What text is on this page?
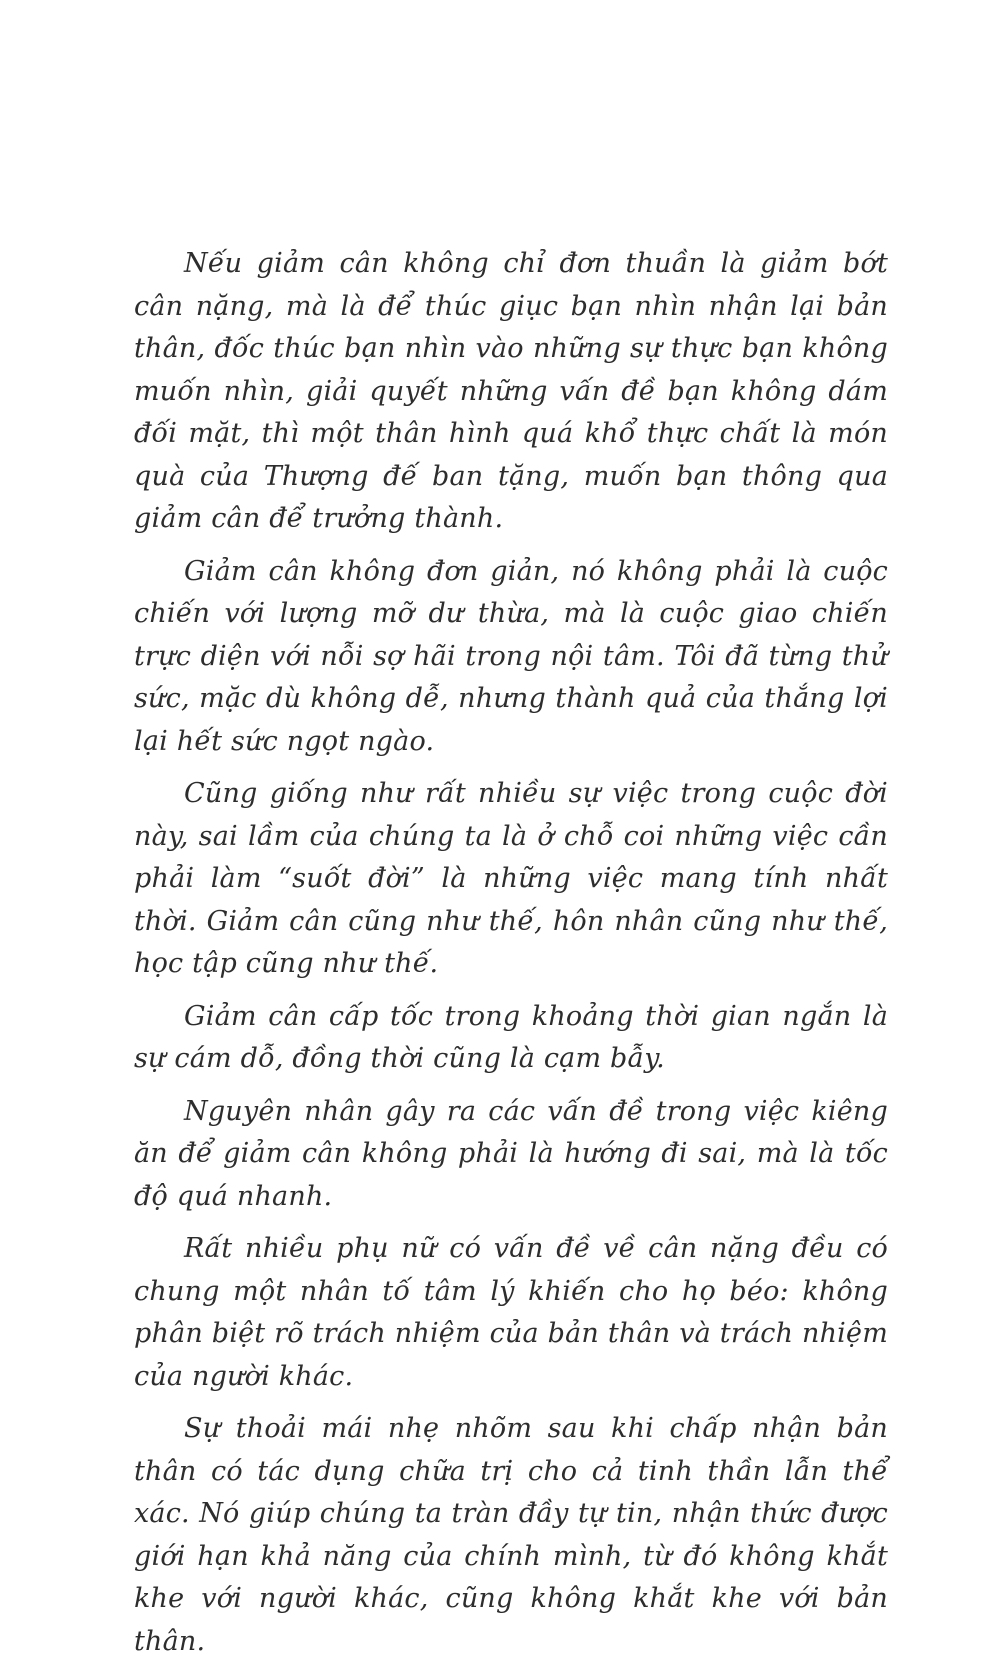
Nếu giảm cân không chỉ đơn thuần là giảm bớt cân nặng, mà là để thúc giục bạn nhìn nhận lại bản thân, đốc thúc bạn nhìn vào những sự thực bạn không muốn nhìn, giải quyết những vấn đề bạn không dám đối mặt, thì một thân hình quá khổ thực chất là món quà của Thượng đế ban tặng, muốn bạn thông qua giảm cân để trưởng thành.

Giảm cân không đơn giản, nó không phải là cuộc chiến với lượng mỡ dư thừa, mà là cuộc giao chiến trực diện với nỗi sợ hãi trong nội tâm. Tôi đã từng thử sức, mặc dù không dễ, nhưng thành quả của thắng lợi lại hết sức ngọt ngào.

Cũng giống như rất nhiều sự việc trong cuộc đời này, sai lầm của chúng ta là ở chỗ coi những việc cần phải làm “suốt đời” là những việc mang tính nhất thời. Giảm cân cũng như thế, hôn nhân cũng như thế, học tập cũng như thế.

Giảm cân cấp tốc trong khoảng thời gian ngắn là sự cám dỗ, đồng thời cũng là cạm bẫy.

Nguyên nhân gây ra các vấn đề trong việc kiêng ăn để giảm cân không phải là hướng đi sai, mà là tốc độ quá nhanh.

Rất nhiều phụ nữ có vấn đề về cân nặng đều có chung một nhân tố tâm lý khiến cho họ béo: không phân biệt rõ trách nhiệm của bản thân và trách nhiệm của người khác.

Sự thoải mái nhẹ nhõm sau khi chấp nhận bản thân có tác dụng chữa trị cho cả tinh thần lẫn thể xác. Nó giúp chúng ta tràn đầy tự tin, nhận thức được giới hạn khả năng của chính mình, từ đó không khắt khe với người khác, cũng không khắt khe với bản thân.
